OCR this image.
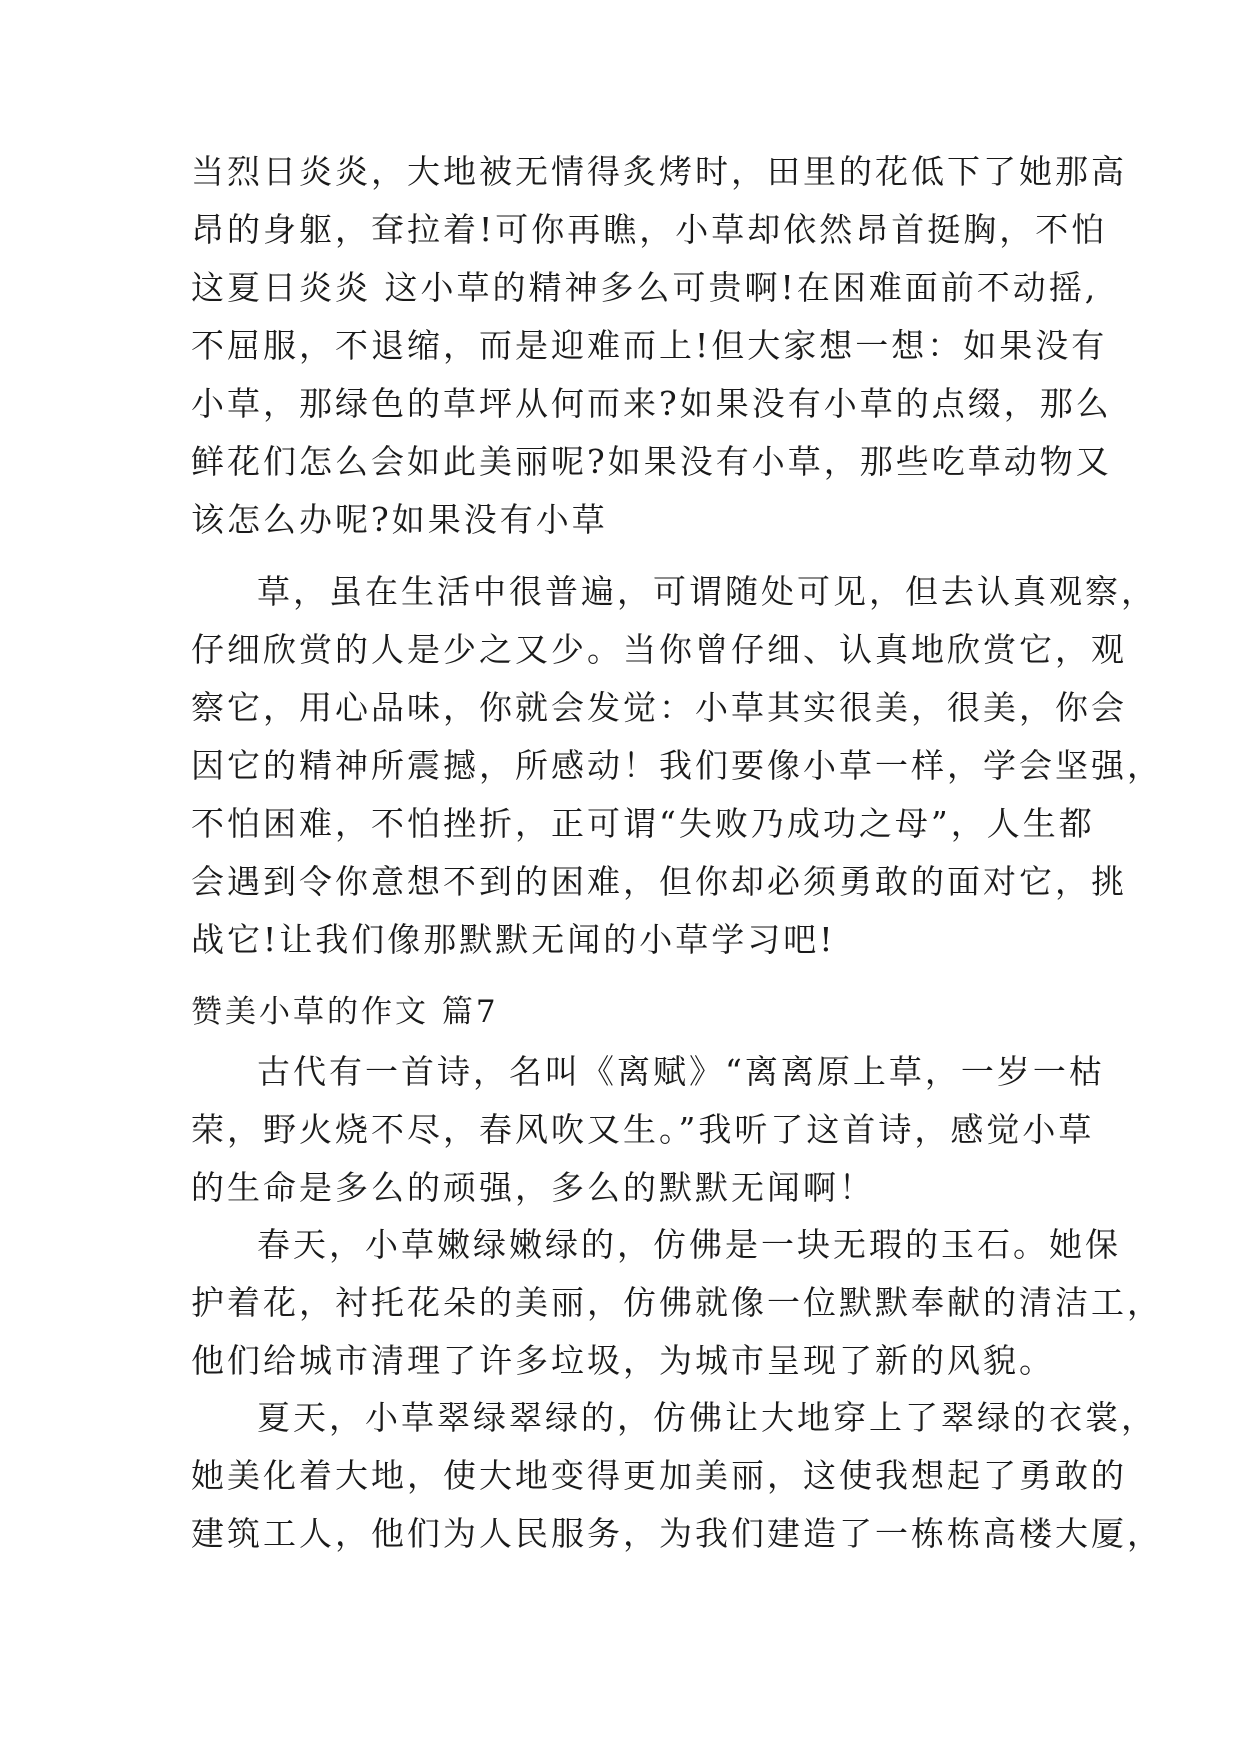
当烈日炎炎，大地被无情得炙烤时，田里的花低下了她那高
昂的身躯，耷拉着!可你再瞧，小草却依然昂首挺胸，不怕
这夏日炎炎 这小草的精神多么可贵啊!在困难面前不动摇,
不屈服，不退缩，而是迎难而上!但大家想一想：如果没有
小草，那绿色的草坪从何而来?如果没有小草的点缀，那么
鲜花们怎么会如此美丽呢?如果没有小草，那些吃草动物又
该怎么办呢?如果没有小草
草，虽在生活中很普遍，可谓随处可见，但去认真观察，
仔细欣赏的人是少之又少。当你曾仔细、认真地欣赏它，观
察它，用心品味，你就会发觉：小草其实很美，很美，你会
因它的精神所震撼，所感动！我们要像小草一样，学会坚强，
不怕困难，不怕挫折，正可谓“失败乃成功之母”，人生都
会遇到令你意想不到的困难，但你却必须勇敢的面对它，挑
战它!让我们像那默默无闻的小草学习吧!
赞美小草的作文 篇7
古代有一首诗，名叫《离赋》“离离原上草，一岁一枯
荣，野火烧不尽，春风吹又生。”我听了这首诗，感觉小草
的生命是多么的顽强，多么的默默无闻啊！
春天，小草嫩绿嫩绿的，仿佛是一块无瑕的玉石。她保
护着花，衬托花朵的美丽，仿佛就像一位默默奉献的清洁工，
他们给城市清理了许多垃圾，为城市呈现了新的风貌。
夏天，小草翠绿翠绿的，仿佛让大地穿上了翠绿的衣裳，
她美化着大地，使大地变得更加美丽，这使我想起了勇敢的
建筑工人，他们为人民服务，为我们建造了一栋栋高楼大厦，
